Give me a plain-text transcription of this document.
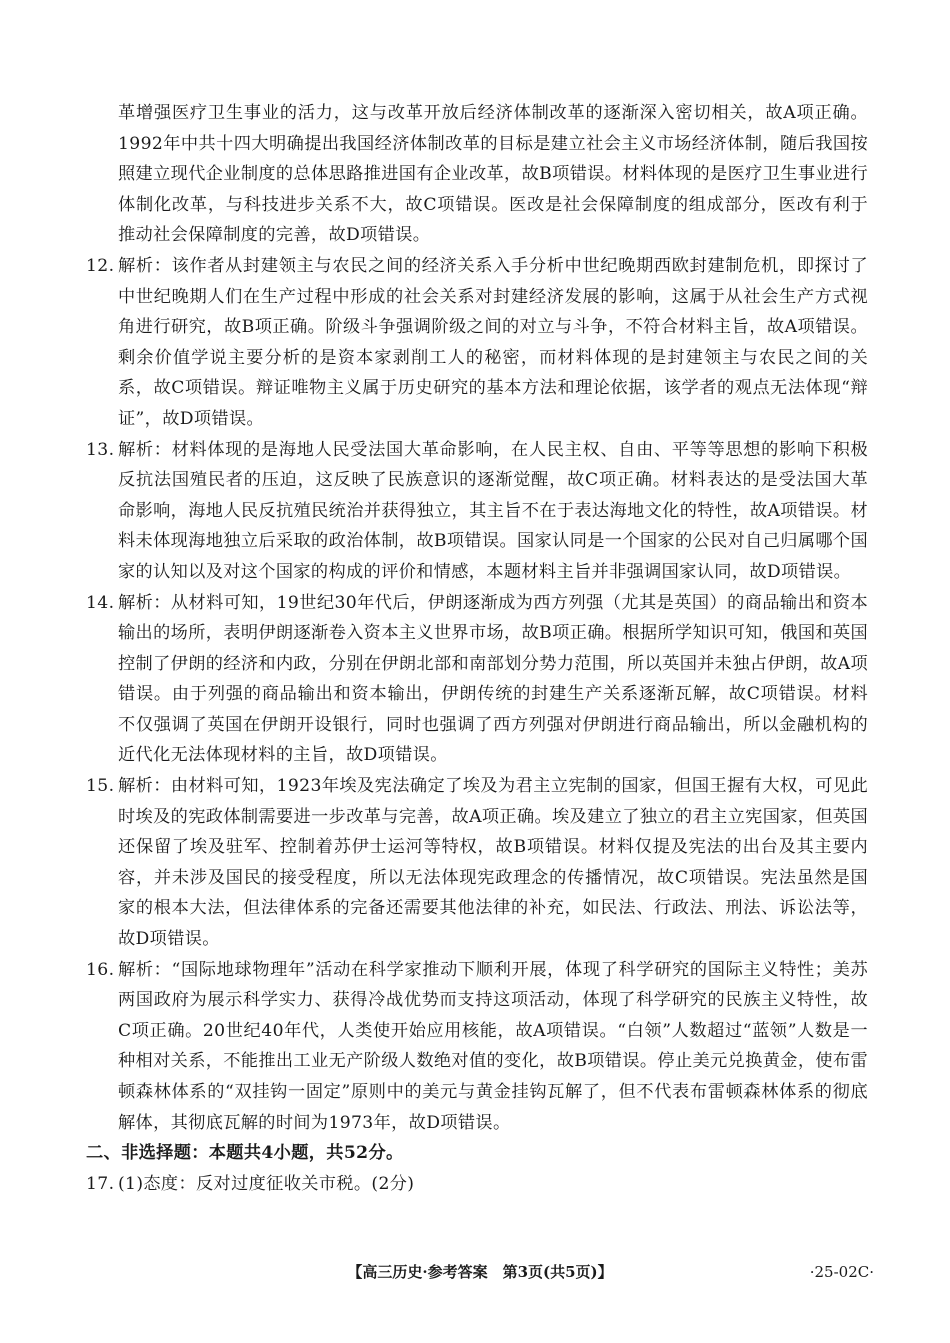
革增强医疗卫生事业的活力，这与改革开放后经济体制改革的逐渐深入密切相关，故A项正确。1992年中共十四大明确提出我国经济体制改革的目标是建立社会主义市场经济体制，随后我国按照建立现代企业制度的总体思路推进国有企业改革，故B项错误。材料体现的是医疗卫生事业进行体制化改革，与科技进步关系不大，故C项错误。医改是社会保障制度的组成部分，医改有利于推动社会保障制度的完善，故D项错误。

12. 解析：该作者从封建领主与农民之间的经济关系入手分析中世纪晚期西欧封建制危机，即探讨了中世纪晚期人们在生产过程中形成的社会关系对封建经济发展的影响，这属于从社会生产方式视角进行研究，故B项正确。阶级斗争强调阶级之间的对立与斗争，不符合材料主旨，故A项错误。剩余价值学说主要分析的是资本家剥削工人的秘密，而材料体现的是封建领主与农民之间的关系，故C项错误。辩证唯物主义属于历史研究的基本方法和理论依据，该学者的观点无法体现“辩证”，故D项错误。
13. 解析：材料体现的是海地人民受法国大革命影响，在人民主权、自由、平等等思想的影响下积极反抗法国殖民者的压迫，这反映了民族意识的逐渐觉醒，故C项正确。材料表达的是受法国大革命影响，海地人民反抗殖民统治并获得独立，其主旨不在于表达海地文化的特性，故A项错误。材料未体现海地独立后采取的政治体制，故B项错误。国家认同是一个国家的公民对自己归属哪个国家的认知以及对这个国家的构成的评价和情感，本题材料主旨并非强调国家认同，故D项错误。
14. 解析：从材料可知，19世纪30年代后，伊朗逐渐成为西方列强（尤其是英国）的商品输出和资本输出的场所，表明伊朗逐渐卷入资本主义世界市场，故B项正确。根据所学知识可知，俄国和英国控制了伊朗的经济和内政，分别在伊朗北部和南部划分势力范围，所以英国并未独占伊朗，故A项错误。由于列强的商品输出和资本输出，伊朗传统的封建生产关系逐渐瓦解，故C项错误。材料不仅强调了英国在伊朗开设银行，同时也强调了西方列强对伊朗进行商品输出，所以金融机构的近代化无法体现材料的主旨，故D项错误。
15. 解析：由材料可知，1923年埃及宪法确定了埃及为君主立宪制的国家，但国王握有大权，可见此时埃及的宪政体制需要进一步改革与完善，故A项正确。埃及建立了独立的君主立宪国家，但英国还保留了埃及驻军、控制着苏伊士运河等特权，故B项错误。材料仅提及宪法的出台及其主要内容，并未涉及国民的接受程度，所以无法体现宪政理念的传播情况，故C项错误。宪法虽然是国家的根本大法，但法律体系的完备还需要其他法律的补充，如民法、行政法、刑法、诉讼法等，故D项错误。
16. 解析：“国际地球物理年”活动在科学家推动下顺利开展，体现了科学研究的国际主义特性；美苏两国政府为展示科学实力、获得冷战优势而支持这项活动，体现了科学研究的民族主义特性，故C项正确。20世纪40年代，人类使开始应用核能，故A项错误。“白领”人数超过“蓝领”人数是一种相对关系，不能推出工业无产阶级人数绝对值的变化，故B项错误。停止美元兑换黄金，使布雷顿森林体系的“双挂钩一固定”原则中的美元与黄金挂钩瓦解了，但不代表布雷顿森林体系的彻底解体，其彻底瓦解的时间为1973年，故D项错误。

二、非选择题：本题共4小题，共52分。

17. (1)态度：反对过度征收关市税。(2分)
【高三历史·参考答案　第3页(共5页)】	·25-02C·
